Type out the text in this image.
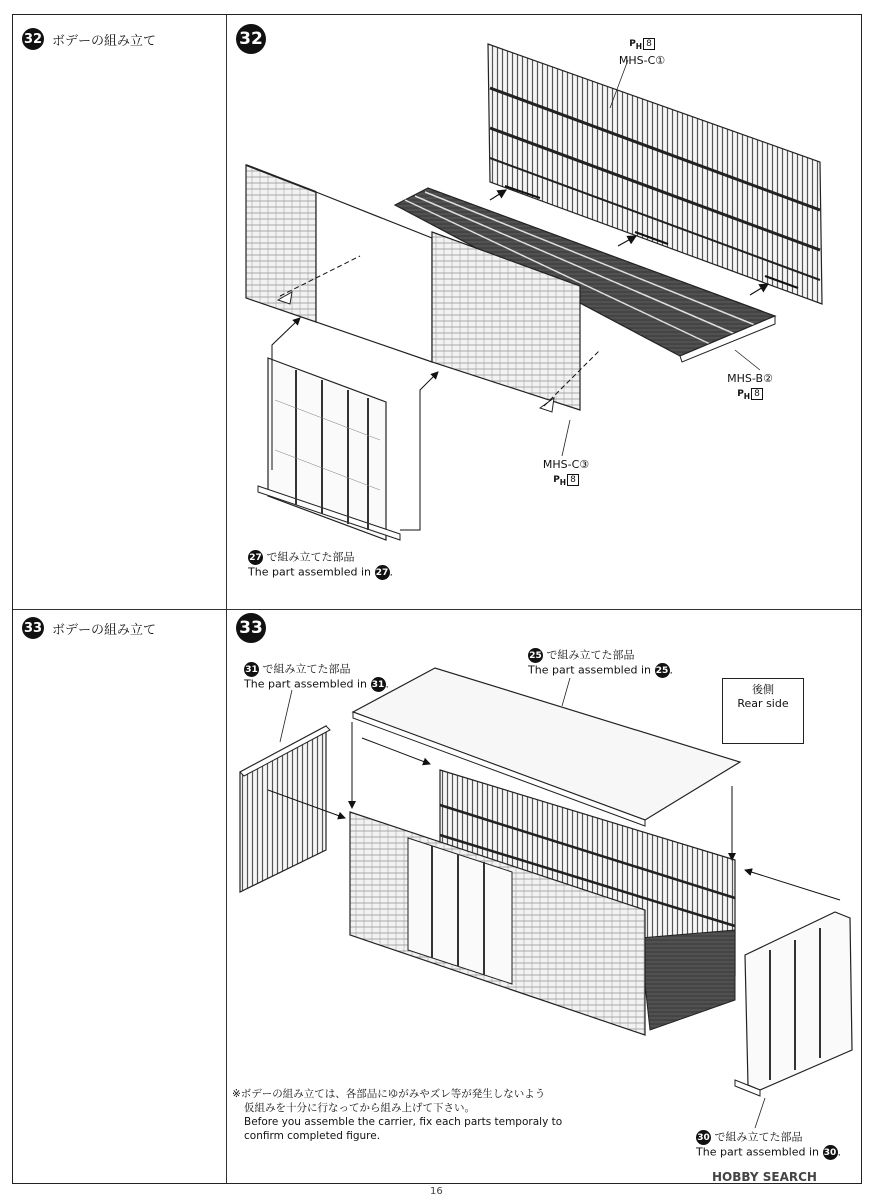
32 ボデーの組み立て	32
33 ボデーの組み立て	33
$P_H$ 8
MHS-C①
MHS-B②
$P_H$ 8
MHS-C③
$P_H$ 8
27 で組み立てた部品
The part assembled in 27.
31 で組み立てた部品
The part assembled in 31.
25 で組み立てた部品
The part assembled in 25.
後側
Rear side
30 で組み立てた部品
The part assembled in 30.
※ボデーの組み立ては、各部品にゆがみやズレ等が発生しないよう
仮組みを十分に行なってから組み上げて下さい。
Before you assemble the carrier, fix each parts temporaly to
confirm completed figure.
16
HOBBY SEARCH
